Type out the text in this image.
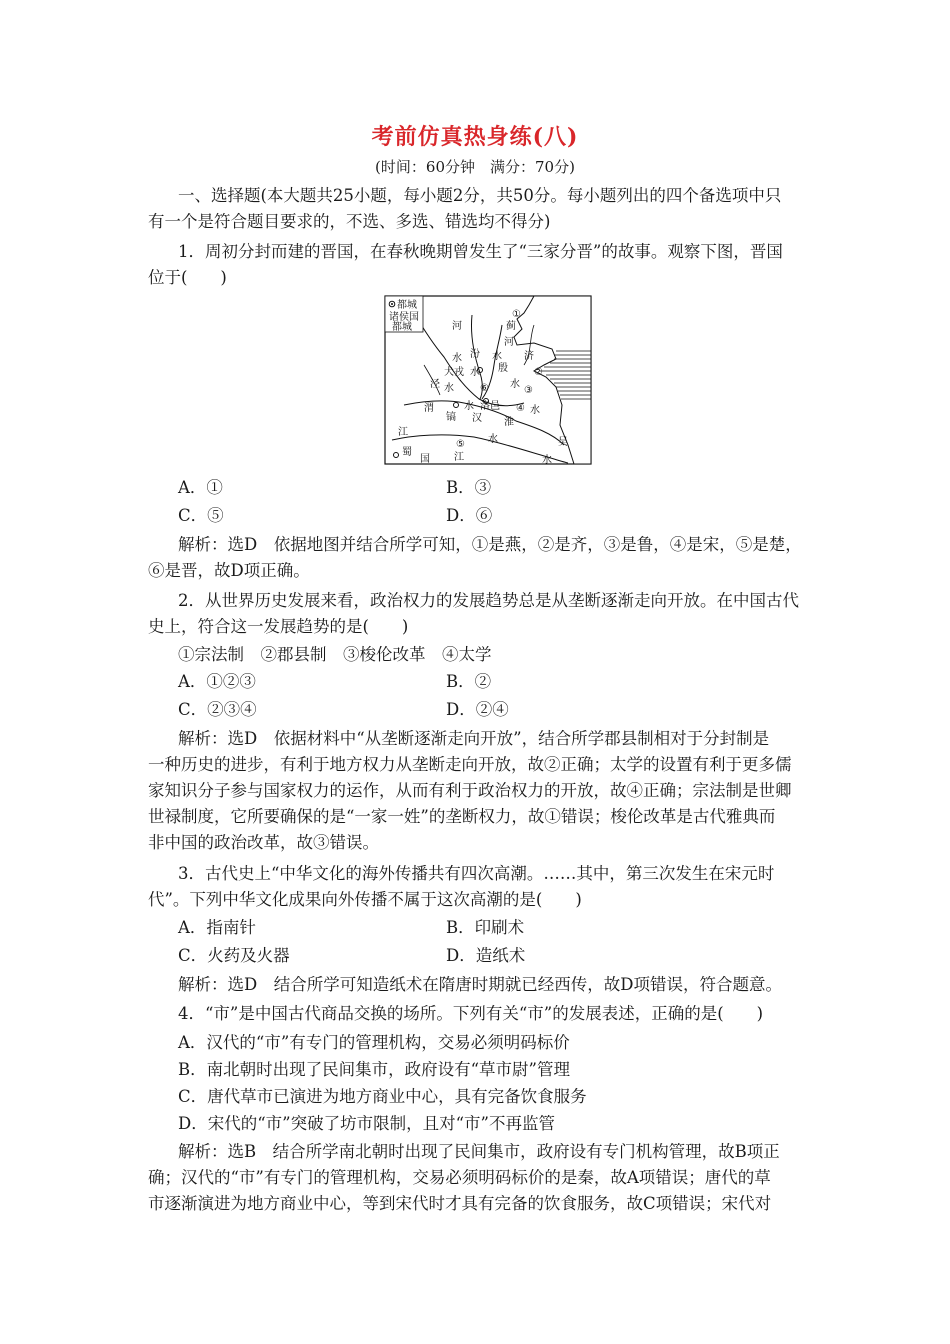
考前仿真热身练(八)
(时间：60分钟　满分：70分)
一、选择题(本大题共25小题，每小题2分，共50分。每小题列出的四个备选项中只
有一个是符合题目要求的，不选、多选、错选均不得分)
1．周初分封而建的晋国，在春秋晚期曾发生了“三家分晋”的故事。观察下图，晋国
位于(　　)
都城
诸侯国
都城	河
水 汾
犬戎 水
泾 水
渭	水
镐
殷
蓟
河
济
水
洛邑
汉 淮
水
水
江
蜀
国 江
水	吴
水
①
②
③
④
⑤
⑥
A．①	B．③
C．⑤	D．⑥
解析：选D　依据地图并结合所学可知，①是燕，②是齐，③是鲁，④是宋，⑤是楚，
⑥是晋，故D项正确。
2．从世界历史发展来看，政治权力的发展趋势总是从垄断逐渐走向开放。在中国古代
史上，符合这一发展趋势的是(　　)
①宗法制　②郡县制　③梭伦改革　④太学
A．①②③	B．②
C．②③④	D．②④
解析：选D　依据材料中“从垄断逐渐走向开放”，结合所学郡县制相对于分封制是
一种历史的进步，有利于地方权力从垄断走向开放，故②正确；太学的设置有利于更多儒
家知识分子参与国家权力的运作，从而有利于政治权力的开放，故④正确；宗法制是世卿
世禄制度，它所要确保的是“一家一姓”的垄断权力，故①错误；梭伦改革是古代雅典而
非中国的政治改革，故③错误。
3．古代史上“中华文化的海外传播共有四次高潮。……其中，第三次发生在宋元时
代”。下列中华文化成果向外传播不属于这次高潮的是(　　)
A．指南针	B．印刷术
C．火药及火器	D．造纸术
解析：选D　结合所学可知造纸术在隋唐时期就已经西传，故D项错误，符合题意。
4．“市”是中国古代商品交换的场所。下列有关“市”的发展表述，正确的是(　　)
A．汉代的“市”有专门的管理机构，交易必须明码标价
B．南北朝时出现了民间集市，政府设有“草市尉”管理
C．唐代草市已演进为地方商业中心，具有完备饮食服务
D．宋代的“市”突破了坊市限制，且对“市”不再监管
解析：选B　结合所学南北朝时出现了民间集市，政府设有专门机构管理，故B项正
确；汉代的“市”有专门的管理机构，交易必须明码标价的是秦，故A项错误；唐代的草
市逐渐演进为地方商业中心，等到宋代时才具有完备的饮食服务，故C项错误；宋代对
